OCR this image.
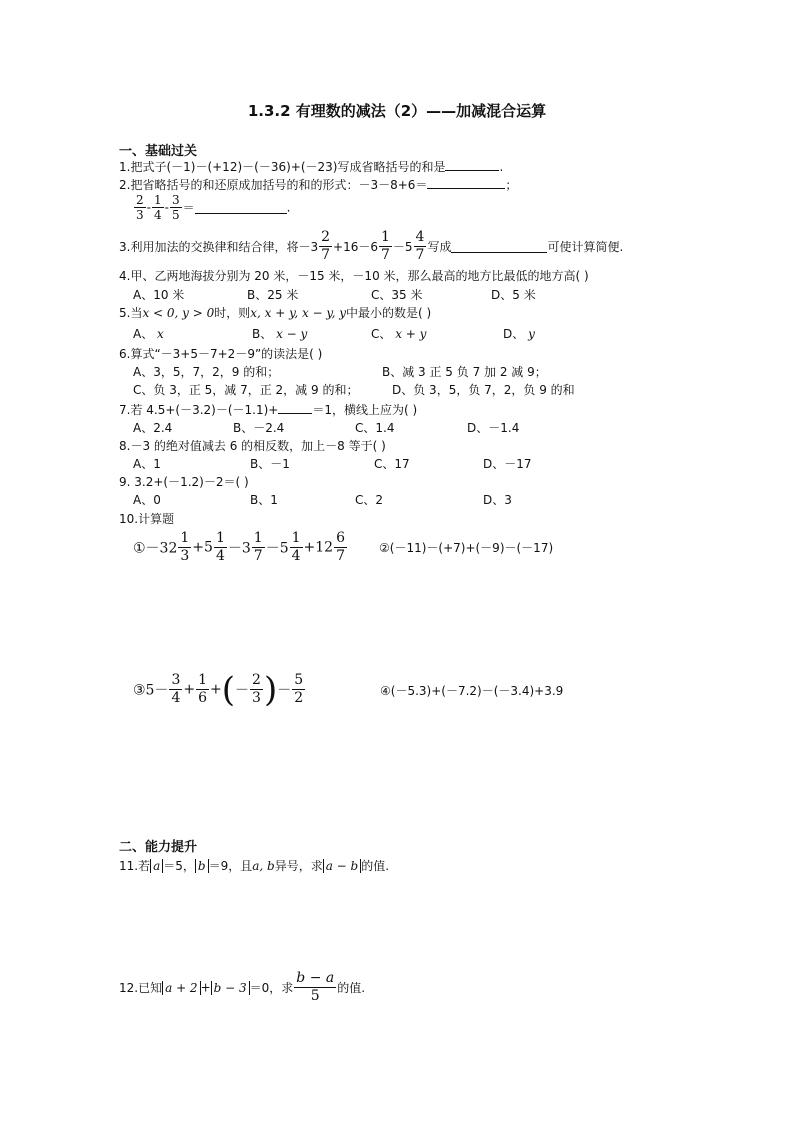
1.3.2 有理数的减法（2）——加减混合运算
一、基础过关
1.把式子(－1)－(+12)－(－36)+(－23)写成省略括号的和是	.
2.把省略括号的和还原成加括号的和的形式：－3－8+6＝	；
$\frac{2}{3} - \frac{1}{4} - \frac{3}{5}$ ＝	.
3.利用加法的交换律和结合律，将$-3 \frac{2}{7} +16-6 \frac{1}{7} -5 \frac{4}{7}$ 写成	可使计算简便.
4.甲、乙两地海拔分别为 20 米，－15 米，－10 米，那么最高的地方比最低的地方高( )
A、10 米	B、25 米	C、35 米	D、5 米
5.当x < 0, y > 0时，则x, x + y, x − y, y中最小的数是( )
A、 x	B、 x − y	C、 x + y	D、 y
6.算式“－3+5－7+2－9”的读法是( )
A、3，5，7，2，9 的和；	B、减 3 正 5 负 7 加 2 减 9；
C、负 3，正 5，减 7，正 2，减 9 的和；	D、负 3，5，负 7，2，负 9 的和
7.若 4.5+(－3.2)－(－1.1)+	＝1，横线上应为( )
A、2.4	B、－2.4	C、1.4	D、－1.4
8.－3 的绝对值减去 6 的相反数，加上－8 等于( )
A、1	B、－1	C、17	D、－17
9. 3.2+(－1.2)－2＝( )
A、0	B、1	C、2	D、3
10.计算题
①－32 $\frac{1}{3} +5 \frac{1}{4} -3 \frac{1}{7} -5 \frac{1}{4} +12 \frac{6}{7}$	②(－11)－(+7)+(－9)－(－17)
③5－ $\frac{3}{4} + \frac{1}{6}$ +(－ $\frac{2}{3}$ )－ $\frac{5}{2}$	④(－5.3)+(－7.2)－(－3.4)+3.9
二、能力提升
11.若 a ＝5， b ＝9，且a, b异号，求 a − b 的值.
12.已知 a + 2 + b − 3 ＝0，求 $\frac{b - a}{5}$ 的值.
